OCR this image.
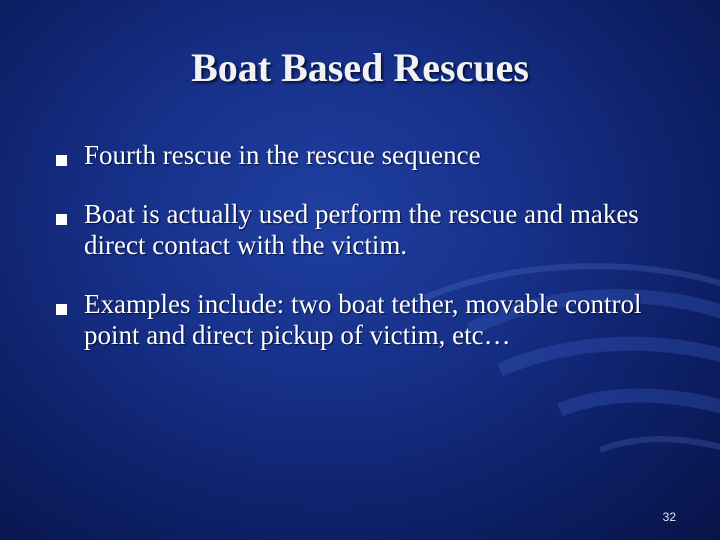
Boat Based Rescues
Fourth rescue in the rescue sequence
Boat is actually used perform the rescue and makes direct contact with the victim.
Examples include: two boat tether, movable control point and direct pickup of victim, etc…
32
